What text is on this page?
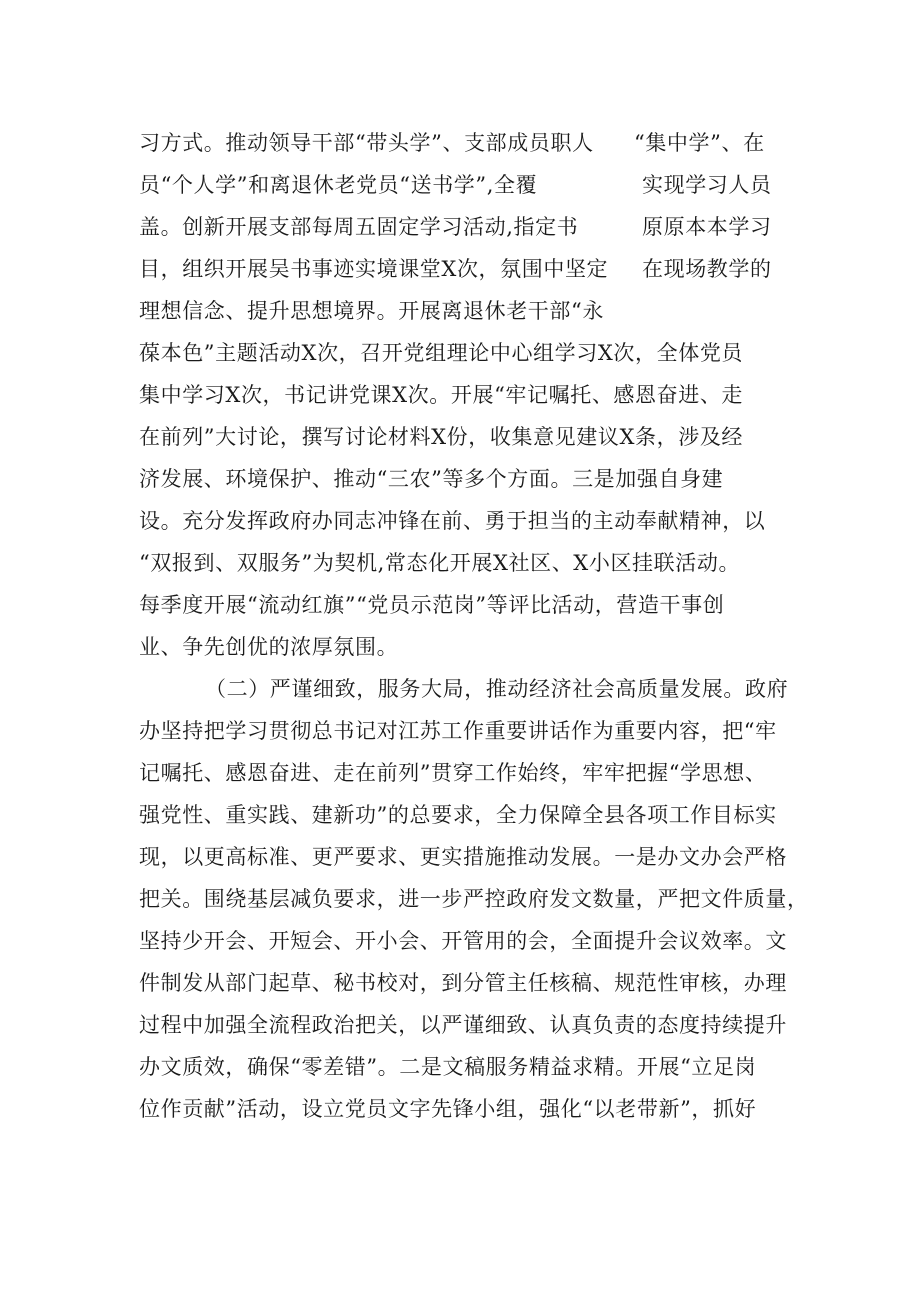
习方式。推动领导干部“带头学”、支部成员职人
员“个人学”和离退休老党员“送书学”,全覆
盖。创新开展支部每周五固定学习活动,指定书
目，组织开展吴书事迹实境课堂X次，氛围中坚定
理想信念、提升思想境界。开展离退休老干部“永
“集中学”、在
实现学习人员
原原本本学习
在现场教学的
葆本色”主题活动X次，召开党组理论中心组学习X次，全体党员
集中学习X次，书记讲党课X次。开展“牢记嘱托、感恩奋进、走
在前列”大讨论，撰写讨论材料X份，收集意见建议X条，涉及经
济发展、环境保护、推动“三农”等多个方面。三是加强自身建
设。充分发挥政府办同志冲锋在前、勇于担当的主动奉献精神，以
“双报到、双服务”为契机,常态化开展X社区、X小区挂联活动。
每季度开展“流动红旗”“党员示范岗”等评比活动，营造干事创
业、争先创优的浓厚氛围。
（二）严谨细致，服务大局，推动经济社会高质量发展。政府
办坚持把学习贯彻总书记对江苏工作重要讲话作为重要内容，把“牢
记嘱托、感恩奋进、走在前列”贯穿工作始终，牢牢把握“学思想、
强党性、重实践、建新功”的总要求，全力保障全县各项工作目标实
现，以更高标准、更严要求、更实措施推动发展。一是办文办会严格
把关。围绕基层减负要求，进一步严控政府发文数量，严把文件质量，
坚持少开会、开短会、开小会、开管用的会，全面提升会议效率。文
件制发从部门起草、秘书校对，到分管主任核稿、规范性审核，办理
过程中加强全流程政治把关，以严谨细致、认真负责的态度持续提升
办文质效，确保“零差错”。二是文稿服务精益求精。开展“立足岗
位作贡献”活动，设立党员文字先锋小组，强化“以老带新”，抓好
